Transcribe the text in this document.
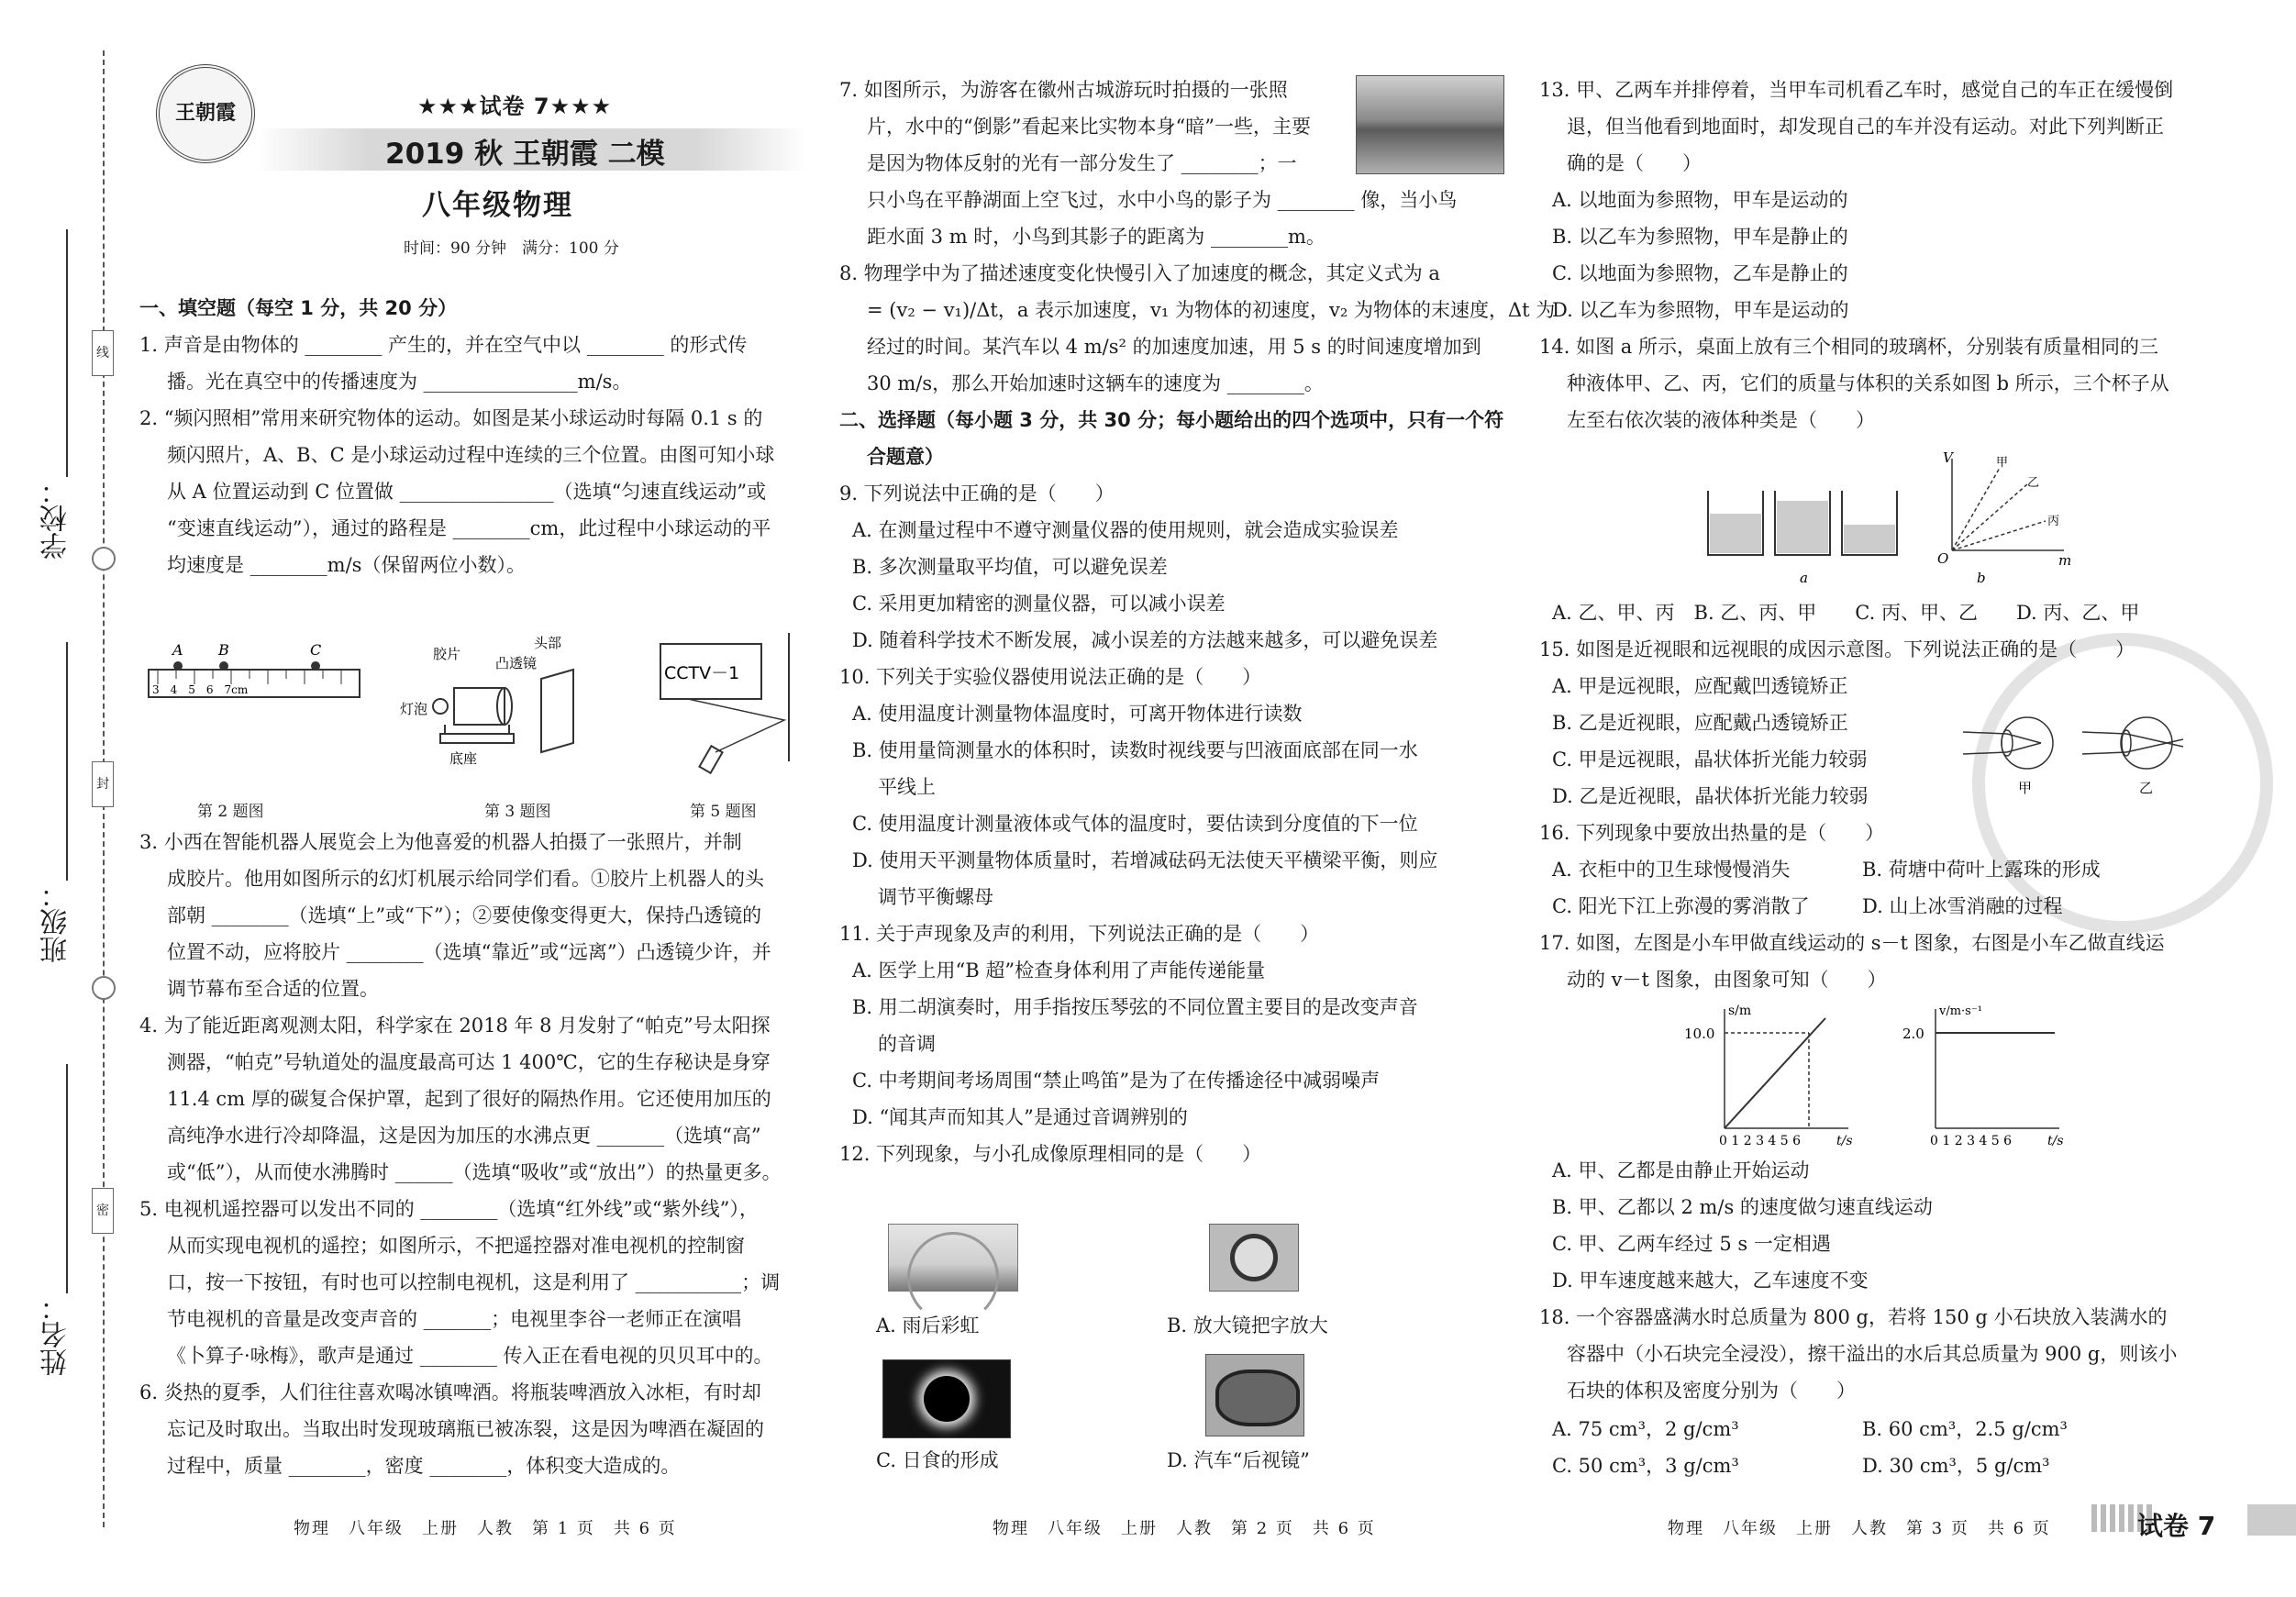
线
封
密
学校：
班级：
姓名：
王朝霞	★★★试卷 7★★★
2019 秋 王朝霞 二模
八年级物理
时间：90 分钟　满分：100 分
一、填空题（每空 1 分，共 20 分）
1. 声音是由物体的 ________ 产生的，并在空气中以 ________ 的形式传
播。光在真空中的传播速度为 ________________m/s。
2. “频闪照相”常用来研究物体的运动。如图是某小球运动时每隔 0.1 s 的
频闪照片，A、B、C 是小球运动过程中连续的三个位置。由图可知小球
从 A 位置运动到 C 位置做 ________________（选填“匀速直线运动”或
“变速直线运动”），通过的路程是 ________cm，此过程中小球运动的平
均速度是 ________m/s（保留两位小数）。
A B	C
3　4　5　6　7cm
胶片
凸透镜
头部
灯泡
底座
CCTV－1
第 2 题图	第 3 题图	第 5 题图
3. 小西在智能机器人展览会上为他喜爱的机器人拍摄了一张照片，并制
成胶片。他用如图所示的幻灯机展示给同学们看。①胶片上机器人的头
部朝 ________（选填“上”或“下”）；②要使像变得更大，保持凸透镜的
位置不动，应将胶片 ________（选填“靠近”或“远离”）凸透镜少许，并
调节幕布至合适的位置。
4. 为了能近距离观测太阳，科学家在 2018 年 8 月发射了“帕克”号太阳探
测器，“帕克”号轨道处的温度最高可达 1 400℃，它的生存秘诀是身穿
11.4 cm 厚的碳复合保护罩，起到了很好的隔热作用。它还使用加压的
高纯净水进行冷却降温，这是因为加压的水沸点更 _______（选填“高”
或“低”），从而使水沸腾时 ______（选填“吸收”或“放出”）的热量更多。
5. 电视机遥控器可以发出不同的 ________（选填“红外线”或“紫外线”），
从而实现电视机的遥控；如图所示，不把遥控器对准电视机的控制窗
口，按一下按钮，有时也可以控制电视机，这是利用了 ___________；调
节电视机的音量是改变声音的 _______；电视里李谷一老师正在演唱
《卜算子·咏梅》，歌声是通过 ________ 传入正在看电视的贝贝耳中的。
6. 炎热的夏季，人们往往喜欢喝冰镇啤酒。将瓶装啤酒放入冰柜，有时却
忘记及时取出。当取出时发现玻璃瓶已被冻裂，这是因为啤酒在凝固的
过程中，质量 ________，密度 ________，体积变大造成的。
物理　八年级　上册　人教　第 1 页　共 6 页
7. 如图所示，为游客在徽州古城游玩时拍摄的一张照
片，水中的“倒影”看起来比实物本身“暗”一些，主要
是因为物体反射的光有一部分发生了 ________；一
只小鸟在平静湖面上空飞过，水中小鸟的影子为 ________ 像，当小鸟
距水面 3 m 时，小鸟到其影子的距离为 ________m。
8. 物理学中为了描述速度变化快慢引入了加速度的概念，其定义式为 a
= (v₂ − v₁)/Δt，a 表示加速度，v₁ 为物体的初速度，v₂ 为物体的末速度，Δt 为
经过的时间。某汽车以 4 m/s² 的加速度加速，用 5 s 的时间速度增加到
30 m/s，那么开始加速时这辆车的速度为 ________。
二、选择题（每小题 3 分，共 30 分；每小题给出的四个选项中，只有一个符
合题意）
9. 下列说法中正确的是（　　）
A. 在测量过程中不遵守测量仪器的使用规则，就会造成实验误差
B. 多次测量取平均值，可以避免误差
C. 采用更加精密的测量仪器，可以减小误差
D. 随着科学技术不断发展，减小误差的方法越来越多，可以避免误差
10. 下列关于实验仪器使用说法正确的是（　　）
A. 使用温度计测量物体温度时，可离开物体进行读数
B. 使用量筒测量水的体积时，读数时视线要与凹液面底部在同一水
平线上
C. 使用温度计测量液体或气体的温度时，要估读到分度值的下一位
D. 使用天平测量物体质量时，若增减砝码无法使天平横梁平衡，则应
调节平衡螺母
11. 关于声现象及声的利用，下列说法正确的是（　　）
A. 医学上用“B 超”检查身体利用了声能传递能量
B. 用二胡演奏时，用手指按压琴弦的不同位置主要目的是改变声音
的音调
C. 中考期间考场周围“禁止鸣笛”是为了在传播途径中减弱噪声
D. “闻其声而知其人”是通过音调辨别的
12. 下列现象，与小孔成像原理相同的是（　　）
A. 雨后彩虹	B. 放大镜把字放大
C. 日食的形成	D. 汽车“后视镜”
物理　八年级　上册　人教　第 2 页　共 6 页
13. 甲、乙两车并排停着，当甲车司机看乙车时，感觉自己的车正在缓慢倒
退，但当他看到地面时，却发现自己的车并没有运动。对此下列判断正
确的是（　　）
A. 以地面为参照物，甲车是运动的
B. 以乙车为参照物，甲车是静止的
C. 以地面为参照物，乙车是静止的
D. 以乙车为参照物，甲车是运动的
14. 如图 a 所示，桌面上放有三个相同的玻璃杯，分别装有质量相同的三
种液体甲、乙、丙，它们的质量与体积的关系如图 b 所示，三个杯子从
左至右依次装的液体种类是（　　）
a	b
V
m
O
甲
乙
丙
A. 乙、甲、丙　B. 乙、丙、甲　　C. 丙、甲、乙　　D. 丙、乙、甲
15. 如图是近视眼和远视眼的成因示意图。下列说法正确的是（　　）
A. 甲是远视眼，应配戴凹透镜矫正
B. 乙是近视眼，应配戴凸透镜矫正
C. 甲是远视眼，晶状体折光能力较弱
D. 乙是近视眼，晶状体折光能力较弱
16. 下列现象中要放出热量的是（　　）
甲	乙
A. 衣柜中的卫生球慢慢消失	B. 荷塘中荷叶上露珠的形成
C. 阳光下江上弥漫的雾消散了	D. 山上冰雪消融的过程
17. 如图，左图是小车甲做直线运动的 s－t 图象，右图是小车乙做直线运
动的 v－t 图象，由图象可知（　　）
s/m
10.0
0 1 2 3 4 5 6	t/s
v/m·s⁻¹
2.0
0 1 2 3 4 5 6	t/s
A. 甲、乙都是由静止开始运动
B. 甲、乙都以 2 m/s 的速度做匀速直线运动
C. 甲、乙两车经过 5 s 一定相遇
D. 甲车速度越来越大，乙车速度不变
18. 一个容器盛满水时总质量为 800 g，若将 150 g 小石块放入装满水的
容器中（小石块完全浸没），擦干溢出的水后其总质量为 900 g，则该小
石块的体积及密度分别为（　　）
A. 75 cm³，2 g/cm³	B. 60 cm³，2.5 g/cm³
C. 50 cm³，3 g/cm³	D. 30 cm³，5 g/cm³
物理　八年级　上册　人教　第 3 页　共 6 页	试卷 7
